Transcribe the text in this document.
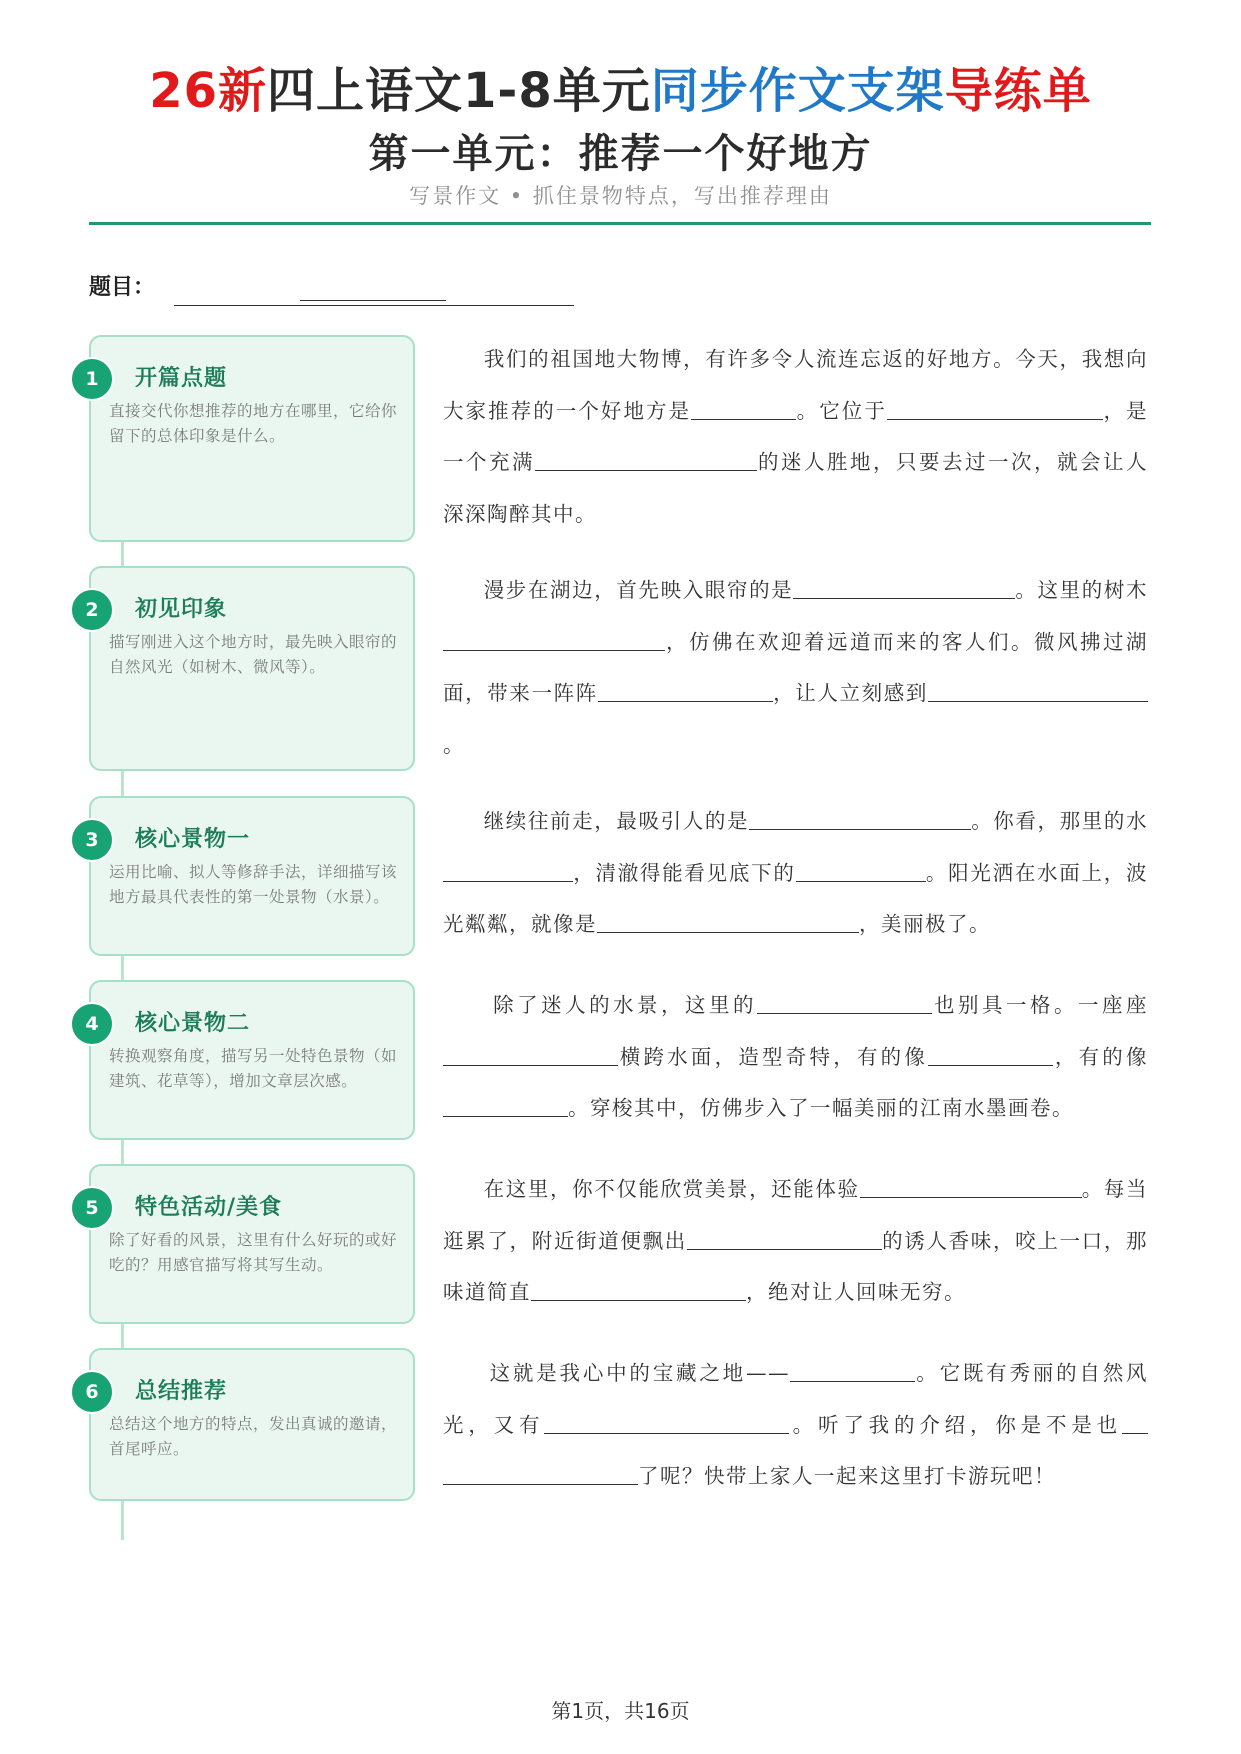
26新四上语文1-8单元同步作文支架导练单
第一单元：推荐一个好地方
写景作文 • 抓住景物特点，写出推荐理由
题目：
1	开篇点题
直接交代你想推荐的地方在哪里，它给你留下的总体印象是什么。
2	初见印象
描写刚进入这个地方时，最先映入眼帘的自然风光（如树木、微风等）。
3	核心景物一
运用比喻、拟人等修辞手法，详细描写该地方最具代表性的第一处景物（水景）。
4	核心景物二
转换观察角度，描写另一处特色景物（如建筑、花草等），增加文章层次感。
5	特色活动/美食
除了好看的风景，这里有什么好玩的或好吃的？用感官描写将其写生动。
6	总结推荐
总结这个地方的特点，发出真诚的邀请，首尾呼应。
我们的祖国地大物博，有许多令人流连忘返的好地方。今天，我想向大家推荐的一个好地方是	。它位于	，是一个充满	的迷人胜地，只要去过一次，就会让人深深陶醉其中。
漫步在湖边，首先映入眼帘的是	。这里的树木，仿佛在欢迎着远道而来的客人们。微风拂过湖面，带来一阵阵	，让人立刻感到。
继续往前走，最吸引人的是	。你看，那里的水，清澈得能看见底下的	。阳光洒在水面上，波光粼粼，就像是	，美丽极了。
除了迷人的水景，这里的	也别具一格。一座座横跨水面，造型奇特，有的像	，有的像。穿梭其中，仿佛步入了一幅美丽的江南水墨画卷。
在这里，你不仅能欣赏美景，还能体验	。每当逛累了，附近街道便飘出	的诱人香味，咬上一口，那味道简直	，绝对让人回味无穷。
这就是我心中的宝藏之地——	。它既有秀丽的自然风光，又有	。听了我的介绍，你是不是也了呢？快带上家人一起来这里打卡游玩吧！
第1页，共16页
